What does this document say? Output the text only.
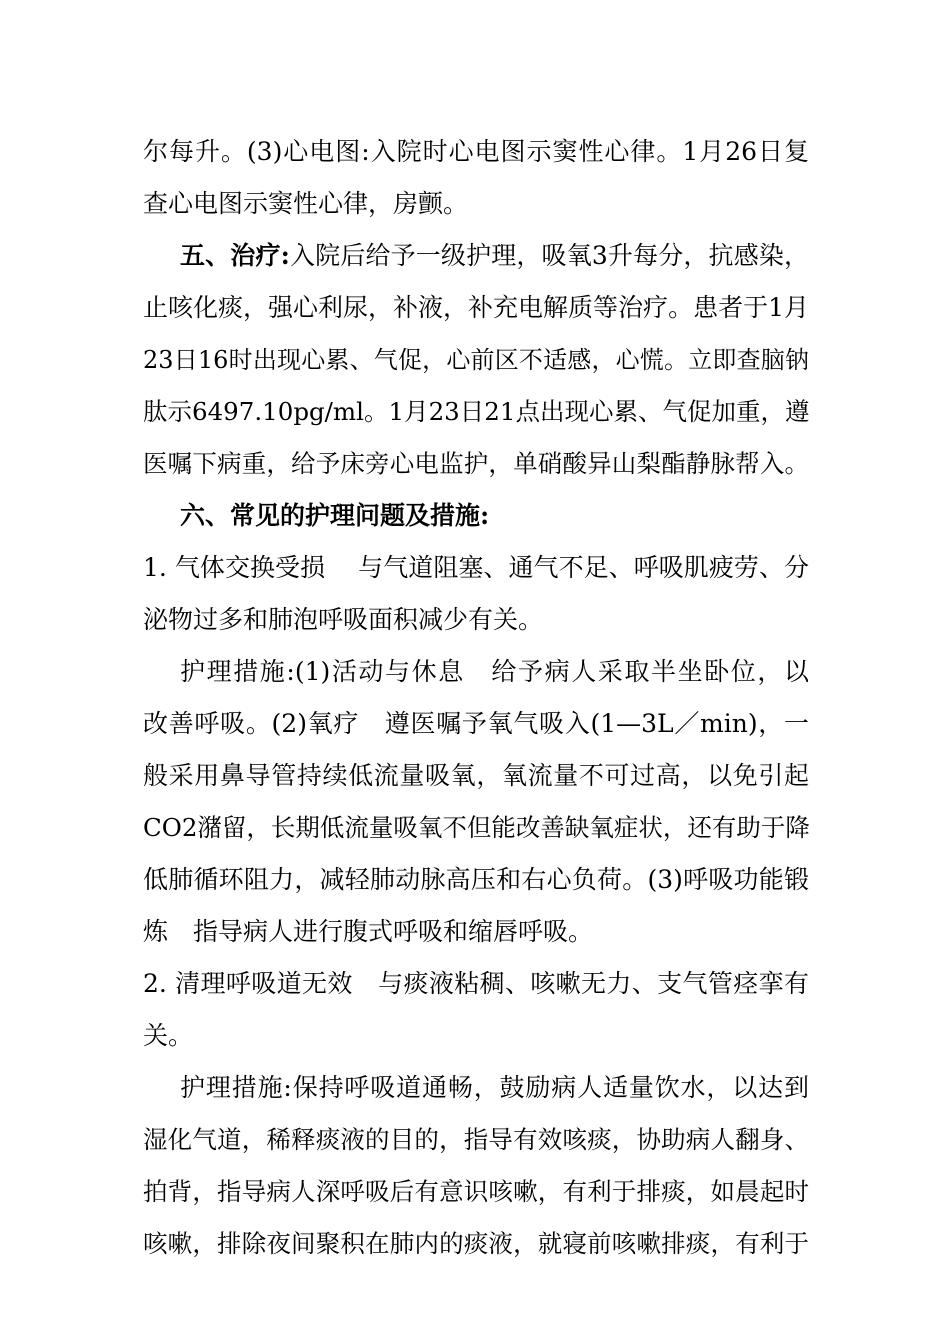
尔每升。(3)心电图:入院时心电图示窦性心律。1月26日复
查心电图示窦性心律，房颤。
五、治疗:入院后给予一级护理，吸氧3升每分，抗感染，
止咳化痰，强心利尿，补液，补充电解质等治疗。患者于1月
23日16时出现心累、气促，心前区不适感，心慌。立即查脑钠
肽示6497.10pg/ml。1月23日21点出现心累、气促加重，遵
医嘱下病重，给予床旁心电监护，单硝酸异山梨酯静脉帮入。
六、常见的护理问题及措施:
1. 气体交换受损　 与气道阻塞、通气不足、呼吸肌疲劳、分
泌物过多和肺泡呼吸面积减少有关。
护理措施:(1)活动与休息　给予病人采取半坐卧位，以
改善呼吸。(2)氧疗　遵医嘱予氧气吸入(1—3L／min)，一
般采用鼻导管持续低流量吸氧，氧流量不可过高，以免引起
CO2潴留，长期低流量吸氧不但能改善缺氧症状，还有助于降
低肺循环阻力，减轻肺动脉高压和右心负荷。(3)呼吸功能锻
炼　指导病人进行腹式呼吸和缩唇呼吸。
2. 清理呼吸道无效　与痰液粘稠、咳嗽无力、支气管痉挛有
关。
护理措施:保持呼吸道通畅，鼓励病人适量饮水，以达到
湿化气道，稀释痰液的目的，指导有效咳痰，协助病人翻身、
拍背，指导病人深呼吸后有意识咳嗽，有利于排痰，如晨起时
咳嗽，排除夜间聚积在肺内的痰液，就寝前咳嗽排痰，有利于
